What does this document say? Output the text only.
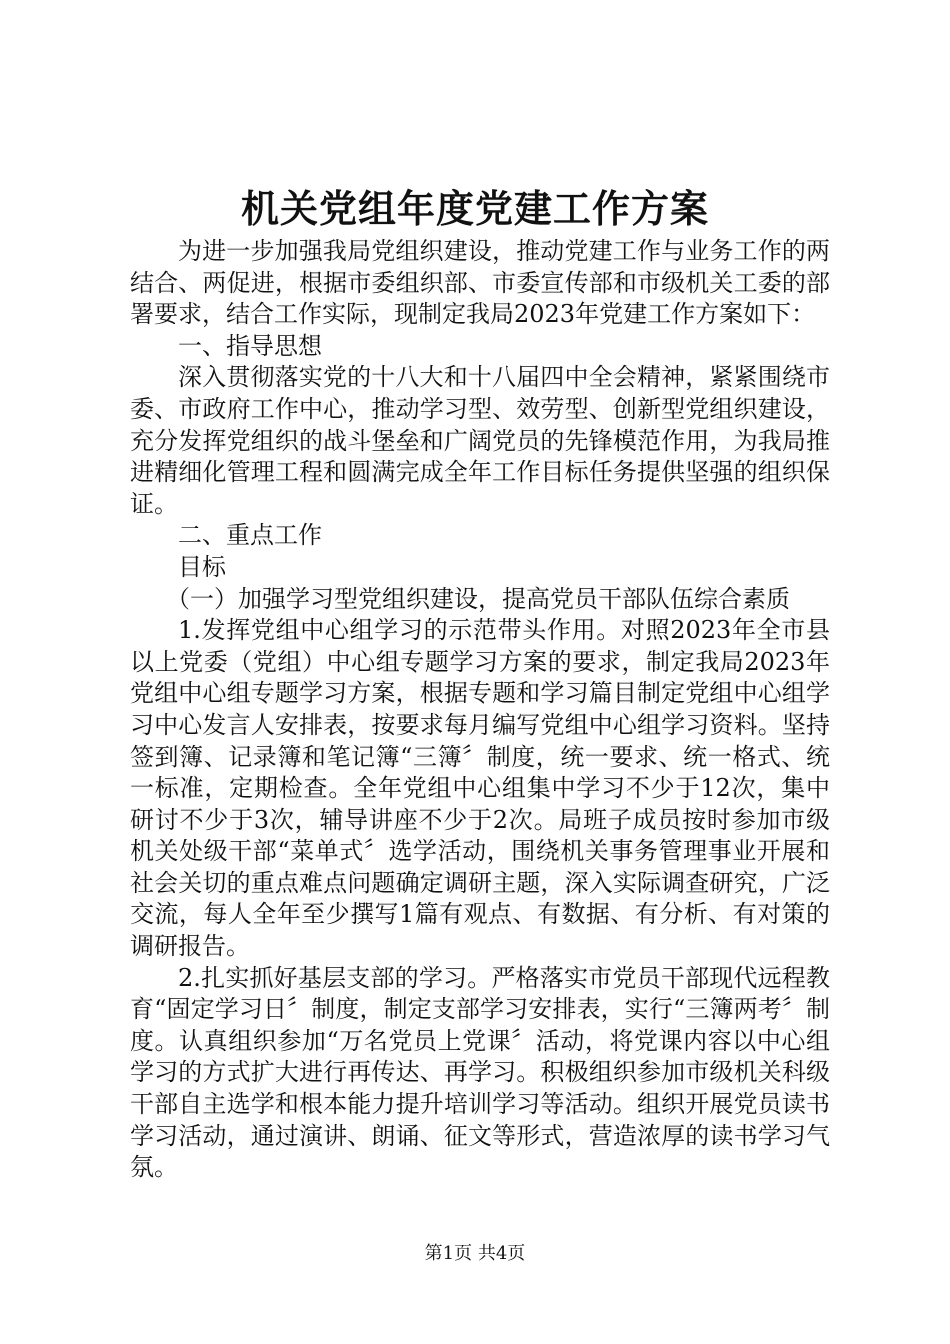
机关党组年度党建工作方案

为进一步加强我局党组织建设，推动党建工作与业务工作的两结合、两促进，根据市委组织部、市委宣传部和市级机关工委的部署要求，结合工作实际，现制定我局2023年党建工作方案如下：

一、指导思想

深入贯彻落实党的十八大和十八届四中全会精神，紧紧围绕市委、市政府工作中心，推动学习型、效劳型、创新型党组织建设，充分发挥党组织的战斗堡垒和广阔党员的先锋模范作用，为我局推进精细化管理工程和圆满完成全年工作目标任务提供坚强的组织保证。

二、重点工作

目标

（一）加强学习型党组织建设，提高党员干部队伍综合素质

1.发挥党组中心组学习的示范带头作用。对照2023年全市县以上党委（党组）中心组专题学习方案的要求，制定我局2023年党组中心组专题学习方案，根据专题和学习篇目制定党组中心组学习中心发言人安排表，按要求每月编写党组中心组学习资料。坚持签到簿、记录簿和笔记簿“三簿〞制度，统一要求、统一格式、统一标准，定期检查。全年党组中心组集中学习不少于12次，集中研讨不少于3次，辅导讲座不少于2次。局班子成员按时参加市级机关处级干部“菜单式〞选学活动，围绕机关事务管理事业开展和社会关切的重点难点问题确定调研主题，深入实际调查研究，广泛交流，每人全年至少撰写1篇有观点、有数据、有分析、有对策的调研报告。

2.扎实抓好基层支部的学习。严格落实市党员干部现代远程教育“固定学习日〞制度，制定支部学习安排表，实行“三簿两考〞制度。认真组织参加“万名党员上党课〞活动，将党课内容以中心组学习的方式扩大进行再传达、再学习。积极组织参加市级机关科级干部自主选学和根本能力提升培训学习等活动。组织开展党员读书学习活动，通过演讲、朗诵、征文等形式，营造浓厚的读书学习气氛。

第1页 共4页
